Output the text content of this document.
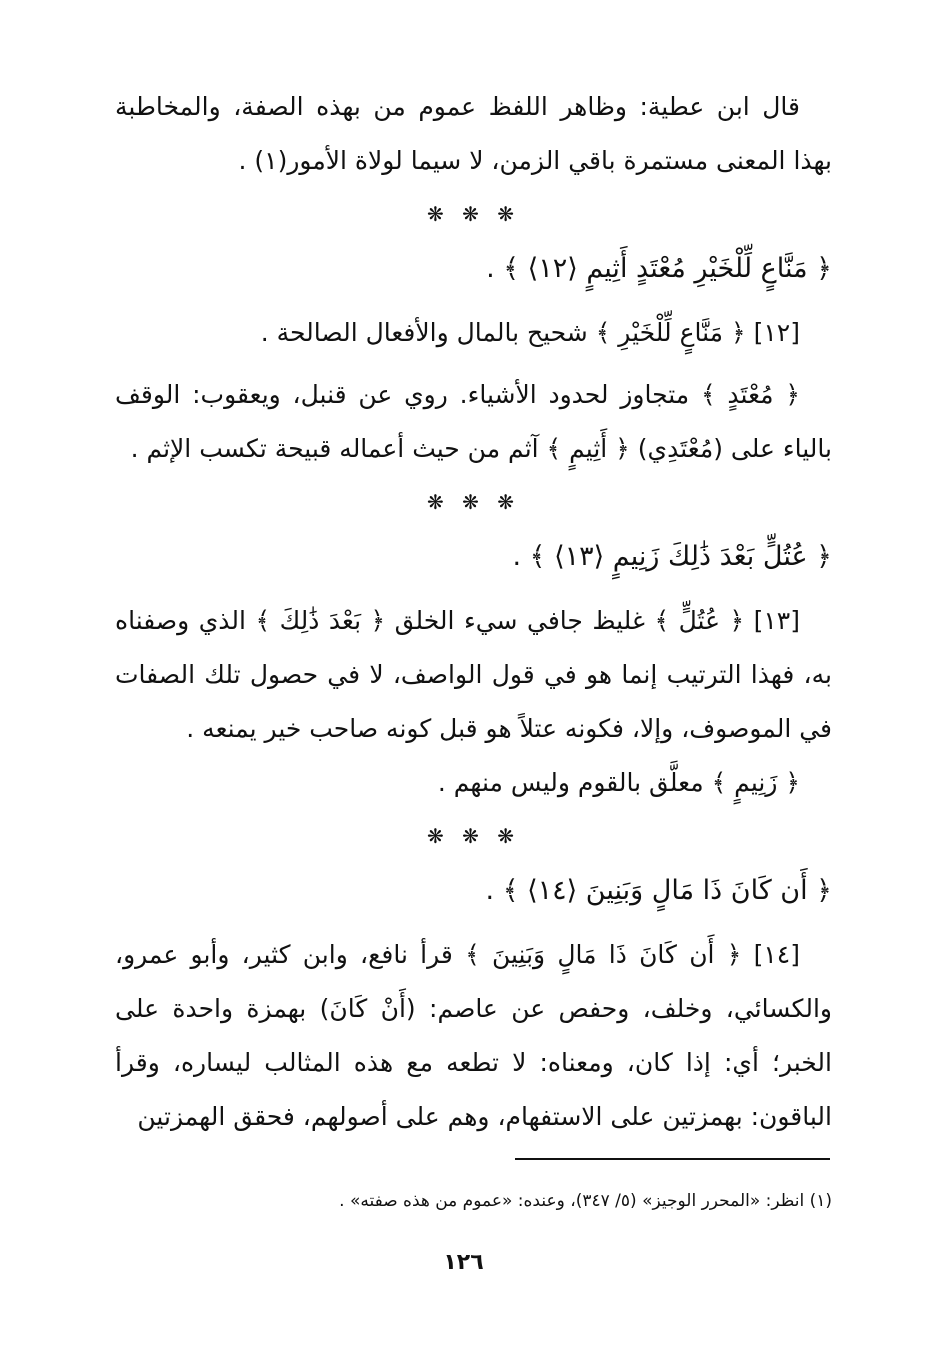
قال ابن عطية: وظاهر اللفظ عموم من بهذه الصفة، والمخاطبة بهذا المعنى مستمرة باقي الزمن، لا سيما لولاة الأمور(١) .

❋ ❋ ❋
﴿ مَنَّاعٍ لِّلْخَيْرِ مُعْتَدٍ أَثِيمٍ ⟨١٢⟩ ﴾ .

[١٢] ﴿ مَنَّاعٍ لِّلْخَيْرِ ﴾ شحيح بالمال والأفعال الصالحة .

﴿ مُعْتَدٍ ﴾ متجاوز لحدود الأشياء. روي عن قنبل، ويعقوب: الوقف بالياء على (مُعْتَدِي) ﴿ أَثِيمٍ ﴾ آثم من حيث أعماله قبيحة تكسب الإثم .

❋ ❋ ❋
﴿ عُتُلٍّ بَعْدَ ذَٰلِكَ زَنِيمٍ ⟨١٣⟩ ﴾ .

[١٣] ﴿ عُتُلٍّ ﴾ غليظ جافي سيء الخلق ﴿ بَعْدَ ذَٰلِكَ ﴾ الذي وصفناه به، فهذا الترتيب إنما هو في قول الواصف، لا في حصول تلك الصفات في الموصوف، وإلا، فكونه عتلاً هو قبل كونه صاحب خير يمنعه .

﴿ زَنِيمٍ ﴾ معلَّق بالقوم وليس منهم .

❋ ❋ ❋
﴿ أَن كَانَ ذَا مَالٍ وَبَنِينَ ⟨١٤⟩ ﴾ .

[١٤] ﴿ أَن كَانَ ذَا مَالٍ وَبَنِينَ ﴾ قرأ نافع، وابن كثير، وأبو عمرو، والكسائي، وخلف، وحفص عن عاصم: (أَنْ كَانَ) بهمزة واحدة على الخبر؛ أي: إذا كان، ومعناه: لا تطعه مع هذه المثالب ليساره، وقرأ الباقون: بهمزتين على الاستفهام، وهم على أصولهم، فحقق الهمزتين

(١) انظر: «المحرر الوجيز» (٥/ ٣٤٧)، وعنده: «عموم من هذه صفته» .
١٢٦
